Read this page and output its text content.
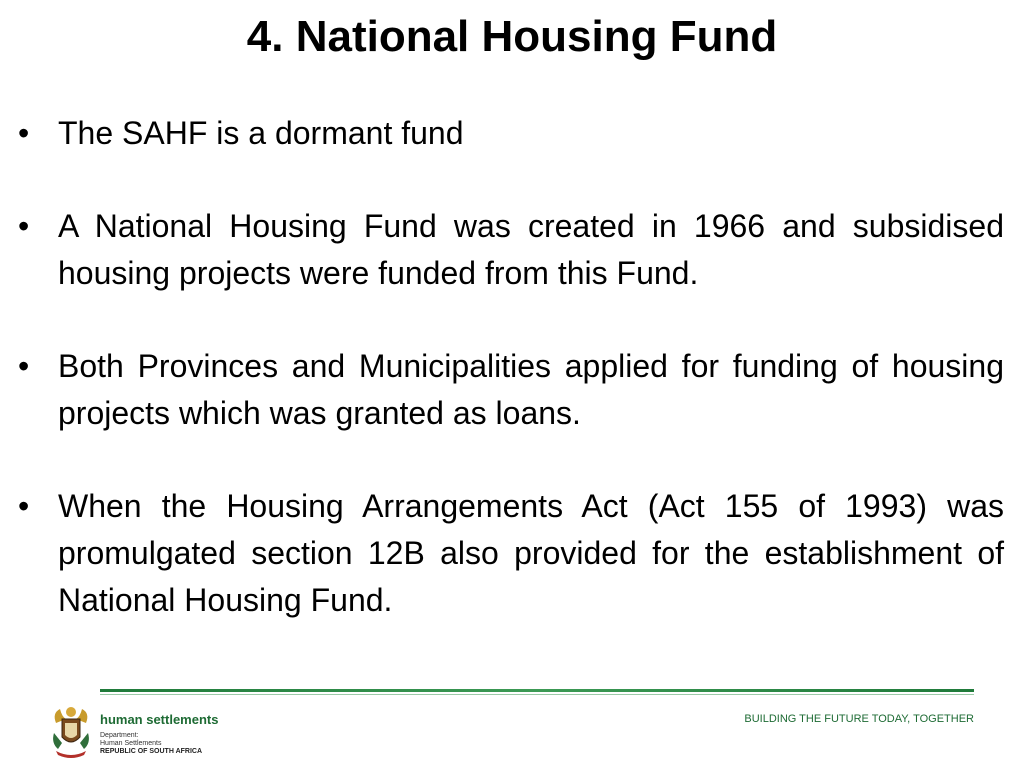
4. National Housing Fund
• The SAHF is a dormant fund
• A National Housing Fund was created in 1966 and subsidised housing projects were funded from this Fund.
• Both Provinces and Municipalities applied for funding of housing projects which was granted as loans.
• When the Housing Arrangements Act (Act 155 of 1993) was promulgated section 12B also provided for the establishment of National Housing Fund.
human settlements
Department:
Human Settlements
REPUBLIC OF SOUTH AFRICA
BUILDING THE FUTURE TODAY, TOGETHER
